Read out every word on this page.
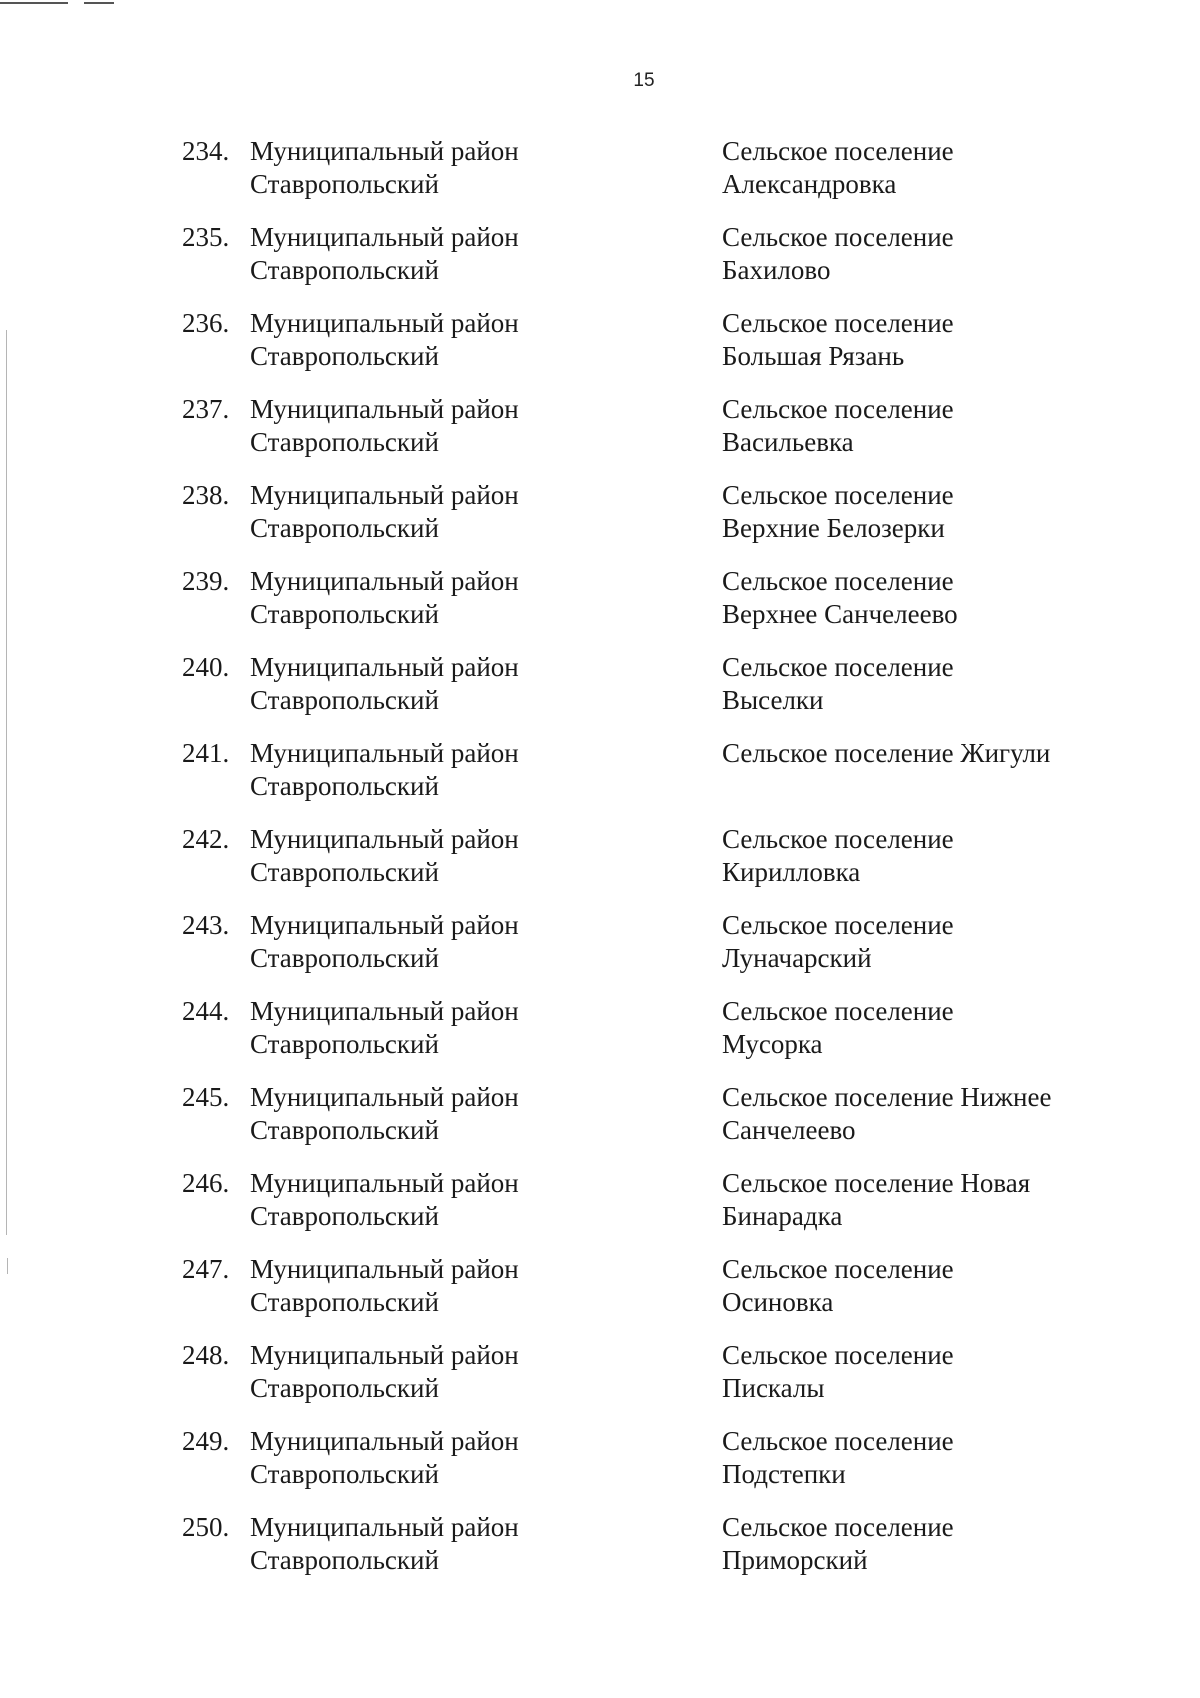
15
234. Муниципальный район
Ставропольский
Сельское поселение
Александровка
235. Муниципальный район
Ставропольский
Сельское поселение
Бахилово
236. Муниципальный район
Ставропольский
Сельское поселение
Большая Рязань
237. Муниципальный район
Ставропольский
Сельское поселение
Васильевка
238. Муниципальный район
Ставропольский
Сельское поселение
Верхние Белозерки
239. Муниципальный район
Ставропольский
Сельское поселение
Верхнее Санчелеево
240. Муниципальный район
Ставропольский
Сельское поселение
Выселки
241. Муниципальный район
Ставропольский
Сельское поселение Жигули
242. Муниципальный район
Ставропольский
Сельское поселение
Кирилловка
243. Муниципальный район
Ставропольский
Сельское поселение
Луначарский
244. Муниципальный район
Ставропольский
Сельское поселение
Мусорка
245. Муниципальный район
Ставропольский
Сельское поселение Нижнее
Санчелеево
246. Муниципальный район
Ставропольский
Сельское поселение Новая
Бинарадка
247. Муниципальный район
Ставропольский
Сельское поселение
Осиновка
248. Муниципальный район
Ставропольский
Сельское поселение
Пискалы
249. Муниципальный район
Ставропольский
Сельское поселение
Подстепки
250. Муниципальный район
Ставропольский
Сельское поселение
Приморский
